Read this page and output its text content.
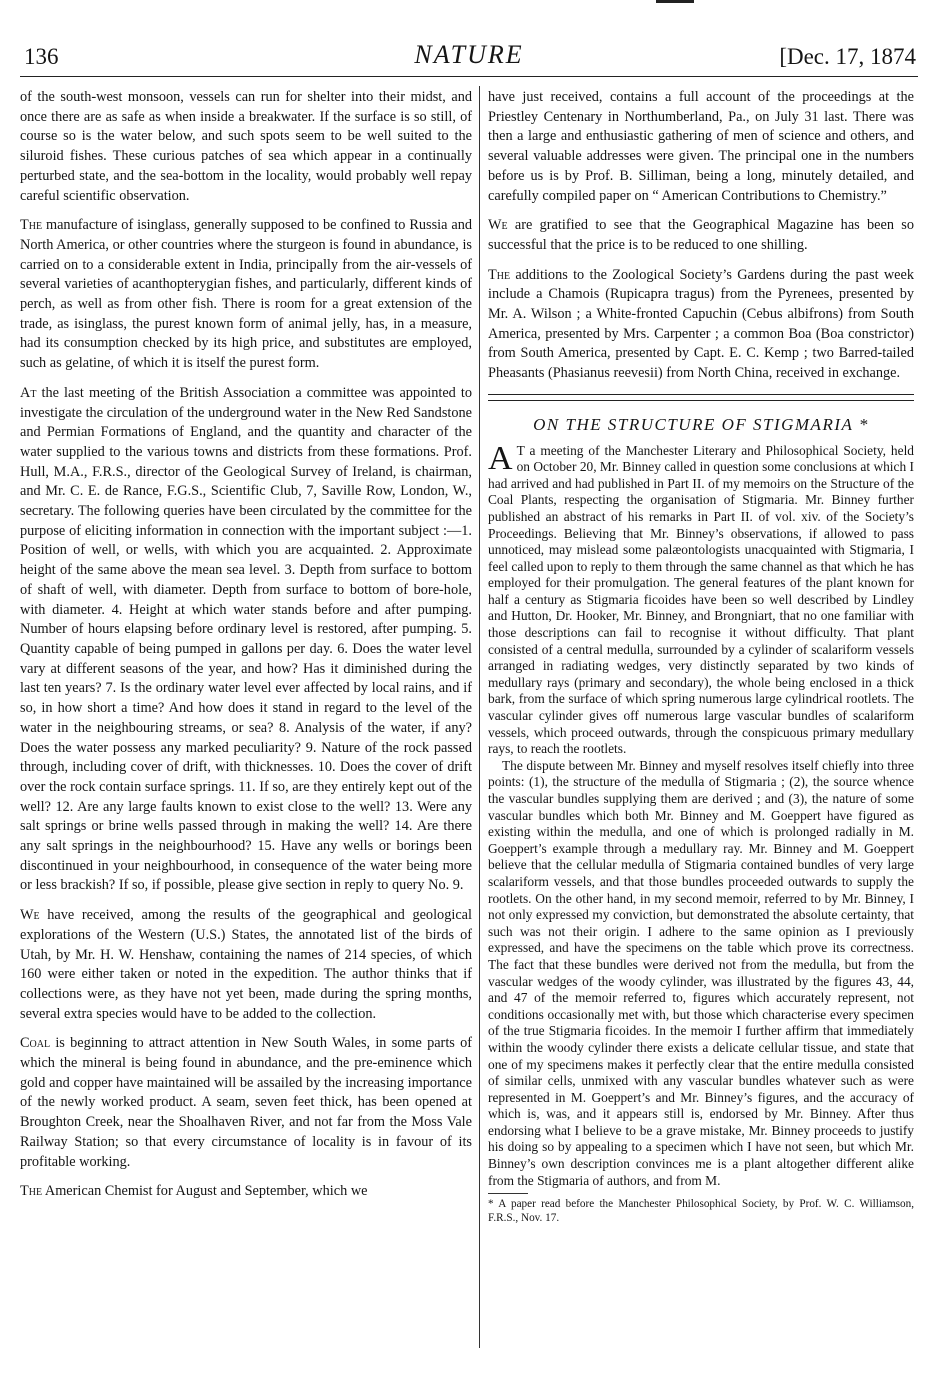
136	NATURE	[Dec. 17, 1874

of the south-west monsoon, vessels can run for shelter into their midst, and once there are as safe as when inside a breakwater. If the surface is so still, of course so is the water below, and such spots seem to be well suited to the siluroid fishes. These curious patches of sea which appear in a continually perturbed state, and the sea-bottom in the locality, would probably well repay careful scientific observation.

The manufacture of isinglass, generally supposed to be confined to Russia and North America, or other countries where the sturgeon is found in abundance, is carried on to a considerable extent in India, principally from the air-vessels of several varieties of acanthopterygian fishes, and particularly, different kinds of perch, as well as from other fish. There is room for a great extension of the trade, as isinglass, the purest known form of animal jelly, has, in a measure, had its consumption checked by its high price, and substitutes are employed, such as gelatine, of which it is itself the purest form.

At the last meeting of the British Association a committee was appointed to investigate the circulation of the underground water in the New Red Sandstone and Permian Formations of England, and the quantity and character of the water supplied to the various towns and districts from these formations. Prof. Hull, M.A., F.R.S., director of the Geological Survey of Ireland, is chairman, and Mr. C. E. de Rance, F.G.S., Scientific Club, 7, Saville Row, London, W., secretary. The following queries have been circulated by the committee for the purpose of eliciting information in connection with the important subject :—1. Position of well, or wells, with which you are acquainted. 2. Approximate height of the same above the mean sea level. 3. Depth from surface to bottom of shaft of well, with diameter. Depth from surface to bottom of bore-hole, with diameter. 4. Height at which water stands before and after pumping. Number of hours elapsing before ordinary level is restored, after pumping. 5. Quantity capable of being pumped in gallons per day. 6. Does the water level vary at different seasons of the year, and how? Has it diminished during the last ten years? 7. Is the ordinary water level ever affected by local rains, and if so, in how short a time? And how does it stand in regard to the level of the water in the neighbouring streams, or sea? 8. Analysis of the water, if any? Does the water possess any marked peculiarity? 9. Nature of the rock passed through, including cover of drift, with thicknesses. 10. Does the cover of drift over the rock contain surface springs. 11. If so, are they entirely kept out of the well? 12. Are any large faults known to exist close to the well? 13. Were any salt springs or brine wells passed through in making the well? 14. Are there any salt springs in the neighbourhood? 15. Have any wells or borings been discontinued in your neighbourhood, in consequence of the water being more or less brackish? If so, if possible, please give section in reply to query No. 9.

We have received, among the results of the geographical and geological explorations of the Western (U.S.) States, the annotated list of the birds of Utah, by Mr. H. W. Henshaw, containing the names of 214 species, of which 160 were either taken or noted in the expedition. The author thinks that if collections were, as they have not yet been, made during the spring months, several extra species would have to be added to the collection.

Coal is beginning to attract attention in New South Wales, in some parts of which the mineral is being found in abundance, and the pre-eminence which gold and copper have maintained will be assailed by the increasing importance of the newly worked product. A seam, seven feet thick, has been opened at Broughton Creek, near the Shoalhaven River, and not far from the Moss Vale Railway Station; so that every circumstance of locality is in favour of its profitable working.

The American Chemist for August and September, which we

have just received, contains a full account of the proceedings at the Priestley Centenary in Northumberland, Pa., on July 31 last. There was then a large and enthusiastic gathering of men of science and others, and several valuable addresses were given. The principal one in the numbers before us is by Prof. B. Silliman, being a long, minutely detailed, and carefully compiled paper on “ American Contributions to Chemistry.”

We are gratified to see that the Geographical Magazine has been so successful that the price is to be reduced to one shilling.

The additions to the Zoological Society’s Gardens during the past week include a Chamois (Rupicapra tragus) from the Pyrenees, presented by Mr. A. Wilson ; a White-fronted Capuchin (Cebus albifrons) from South America, presented by Mrs. Carpenter ; a common Boa (Boa constrictor) from South America, presented by Capt. E. C. Kemp ; two Barred-tailed Pheasants (Phasianus reevesii) from North China, received in exchange.

ON THE STRUCTURE OF STIGMARIA *

A T a meeting of the Manchester Literary and Philosophical Society, held on October 20, Mr. Binney called in question some conclusions at which I had arrived and had published in Part II. of my memoirs on the Structure of the Coal Plants, respecting the organisation of Stigmaria. Mr. Binney further published an abstract of his remarks in Part II. of vol. xiv. of the Society’s Proceedings. Believing that Mr. Binney’s observations, if allowed to pass unnoticed, may mislead some palæontologists unacquainted with Stigmaria, I feel called upon to reply to them through the same channel as that which he has employed for their promulgation. The general features of the plant known for half a century as Stigmaria ficoides have been so well described by Lindley and Hutton, Dr. Hooker, Mr. Binney, and Brongniart, that no one familiar with those descriptions can fail to recognise it without difficulty. That plant consisted of a central medulla, surrounded by a cylinder of scalariform vessels arranged in radiating wedges, very distinctly separated by two kinds of medullary rays (primary and secondary), the whole being enclosed in a thick bark, from the surface of which spring numerous large cylindrical rootlets. The vascular cylinder gives off numerous large vascular bundles of scalariform vessels, which proceed outwards, through the conspicuous primary medullary rays, to reach the rootlets.

The dispute between Mr. Binney and myself resolves itself chiefly into three points: (1), the structure of the medulla of Stigmaria ; (2), the source whence the vascular bundles supplying them are derived ; and (3), the nature of some vascular bundles which both Mr. Binney and M. Goeppert have figured as existing within the medulla, and one of which is prolonged radially in M. Goeppert’s example through a medullary ray. Mr. Binney and M. Goeppert believe that the cellular medulla of Stigmaria contained bundles of very large scalariform vessels, and that those bundles proceeded outwards to supply the rootlets. On the other hand, in my second memoir, referred to by Mr. Binney, I not only expressed my conviction, but demonstrated the absolute certainty, that such was not their origin. I adhere to the same opinion as I previously expressed, and have the specimens on the table which prove its correctness. The fact that these bundles were derived not from the medulla, but from the vascular wedges of the woody cylinder, was illustrated by the figures 43, 44, and 47 of the memoir referred to, figures which accurately represent, not conditions occasionally met with, but those which characterise every specimen of the true Stigmaria ficoides. In the memoir I further affirm that immediately within the woody cylinder there exists a delicate cellular tissue, and state that one of my specimens makes it perfectly clear that the entire medulla consisted of similar cells, unmixed with any vascular bundles whatever such as were represented in M. Goeppert’s and Mr. Binney’s figures, and the accuracy of which is, was, and it appears still is, endorsed by Mr. Binney. After thus endorsing what I believe to be a grave mistake, Mr. Binney proceeds to justify his doing so by appealing to a specimen which I have not seen, but which Mr. Binney’s own description convinces me is a plant altogether different alike from the Stigmaria of authors, and from M.

* A paper read before the Manchester Philosophical Society, by Prof. W. C. Williamson, F.R.S., Nov. 17.
